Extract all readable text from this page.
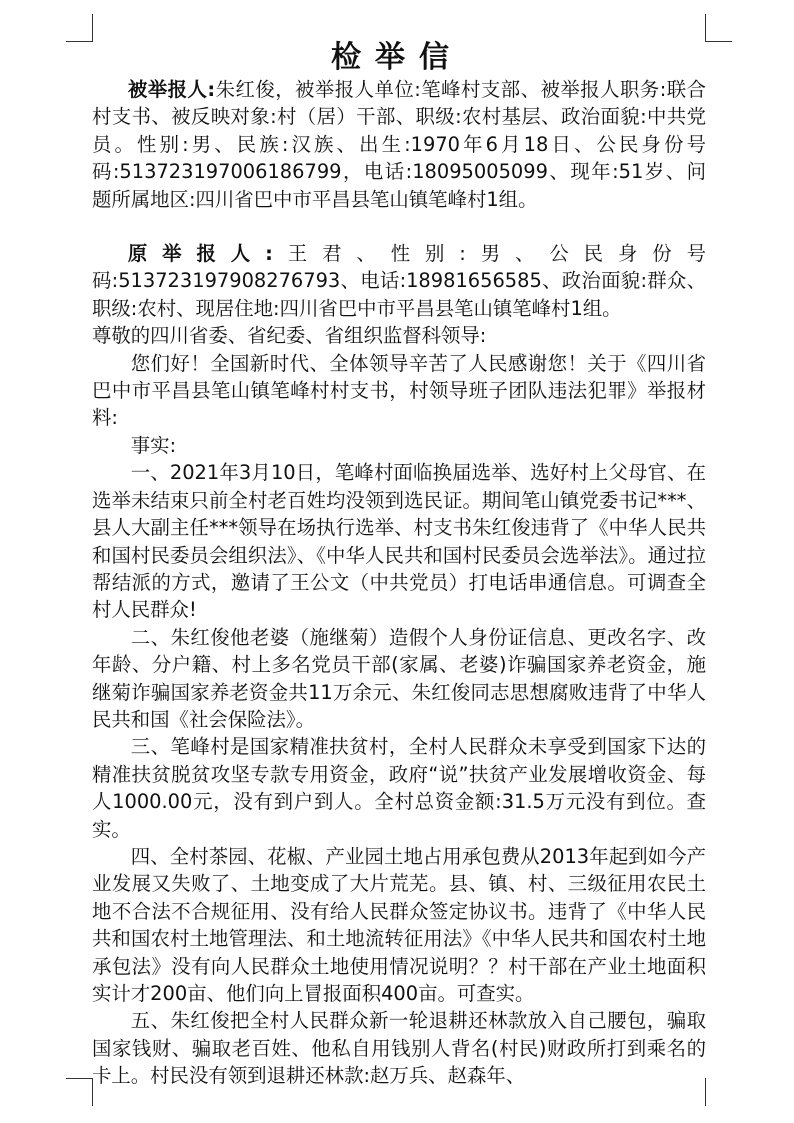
检举信

被举报人:朱红俊，被举报人单位:笔峰村支部、被举报人职务:联合村支书、被反映对象:村（居）干部、职级:农村基层、政治面貌:中共党员。性别:男、民族:汉族、出生:1970年6月18日、公民身份号码:513723197006186799，电话:18095005099、现年:51岁、问题所属地区:四川省巴中市平昌县笔山镇笔峰村1组。

原举报人:王君、性别:男、公民身份号码:513723197908276793、电话:18981656585、政治面貌:群众、职级:农村、现居住地:四川省巴中市平昌县笔山镇笔峰村1组。

尊敬的四川省委、省纪委、省组织监督科领导:

您们好！全国新时代、全体领导辛苦了人民感谢您！关于《四川省巴中市平昌县笔山镇笔峰村村支书，村领导班子团队违法犯罪》举报材料:

事实:

一、2021年3月10日，笔峰村面临换届选举、选好村上父母官、在选举未结束只前全村老百姓均没领到选民证。期间笔山镇党委书记***、县人大副主任***领导在场执行选举、村支书朱红俊违背了《中华人民共和国村民委员会组织法》、《中华人民共和国村民委员会选举法》。通过拉帮结派的方式，邀请了王公文（中共党员）打电话串通信息。可调查全村人民群众!

二、朱红俊他老婆（施继菊）造假个人身份证信息、更改名字、改年龄、分户籍、村上多名党员干部(家属、老婆)诈骗国家养老资金，施继菊诈骗国家养老资金共11万余元、朱红俊同志思想腐败违背了中华人民共和国《社会保险法》。

三、笔峰村是国家精准扶贫村，全村人民群众未享受到国家下达的精准扶贫脱贫攻坚专款专用资金，政府“说”扶贫产业发展增收资金、每人1000.00元，没有到户到人。全村总资金额:31.5万元没有到位。查实。

四、全村茶园、花椒、产业园土地占用承包费从2013年起到如今产业发展又失败了、土地变成了大片荒芜。县、镇、村、三级征用农民土地不合法不合规征用、没有给人民群众签定协议书。违背了《中华人民共和国农村土地管理法、和土地流转征用法》《中华人民共和国农村土地承包法》没有向人民群众土地使用情况说明？？村干部在产业土地面积实计才200亩、他们向上冒报面积400亩。可查实。

五、朱红俊把全村人民群众新一轮退耕还林款放入自己腰包，骗取国家钱财、骗取老百姓、他私自用钱别人背名(村民)财政所打到乘名的卡上。村民没有领到退耕还林款:赵万兵、赵森年、
